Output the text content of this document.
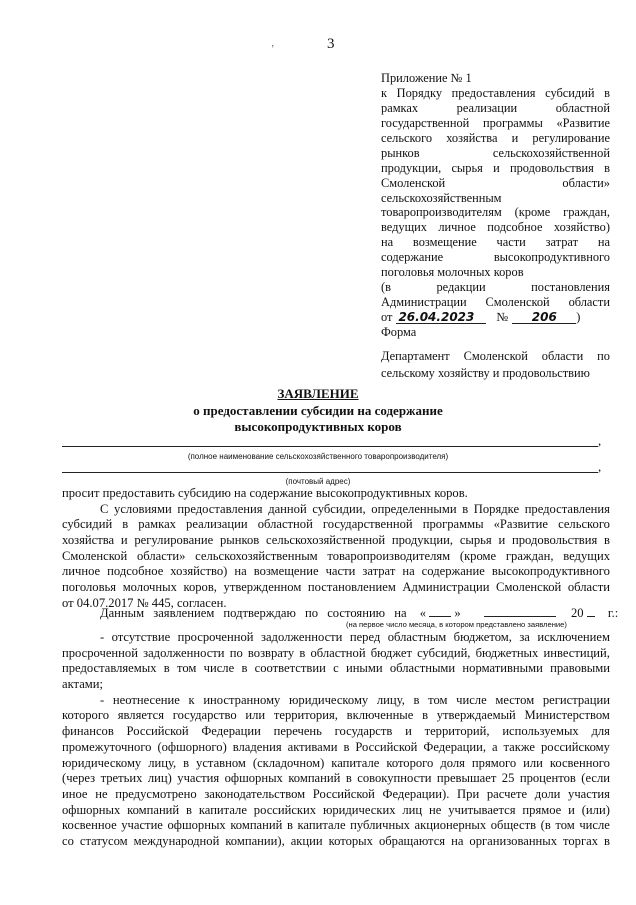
3
ʼ
Приложение № 1
к Порядку предоставления субсидий в
рамках	реализации	областной
государственной программы «Развитие
сельского хозяйства и регулирование
рынков	сельскохозяйственной
продукции, сырья и продовольствия в
Смоленской	области»
сельскохозяйственным
товаропроизводителям (кроме граждан,
ведущих личное подсобное хозяйство)
на возмещение части затрат на
содержание	высокопродуктивного
поголовья молочных коров
(в	редакции	постановления
Администрации Смоленской области
от 26.04.2023	№	206	)
Форма
Департамент Смоленской области по сельскому хозяйству и продовольствию
ЗАЯВЛЕНИЕ
о предоставлении субсидии на содержание
высокопродуктивных коров
,
(полное наименование сельскохозяйственного товаропроизводителя)
,
(почтовый адрес)
просит предоставить субсидию на содержание высокопродуктивных коров.
С условиями предоставления данной субсидии, определенными в Порядке предоставления
субсидий в рамках реализации областной государственной программы «Развитие сельского
хозяйства и регулирование рынков сельскохозяйственной продукции, сырья и продовольствия в
Смоленской области» сельскохозяйственным товаропроизводителям (кроме граждан, ведущих
личное подсобное хозяйство) на возмещение части затрат на содержание высокопродуктивного
поголовья молочных коров, утвержденном постановлением Администрации Смоленской области
от 04.07.2017 № 445, согласен.
Данным заявлением подтверждаю по состоянию на « »	20 г.:
(на первое число месяца, в котором представлено заявление)
- отсутствие просроченной задолженности перед областным бюджетом, за исключением
просроченной задолженности по возврату в областной бюджет субсидий, бюджетных инвестиций,
предоставляемых в том числе в соответствии с иными областными нормативными правовыми
актами;
- неотнесение к иностранному юридическому лицу, в том числе местом регистрации
которого является государство или территория, включенные в утверждаемый Министерством
финансов Российской Федерации перечень государств и территорий, используемых для
промежуточного (офшорного) владения активами в Российской Федерации, а также российскому
юридическому лицу, в уставном (складочном) капитале которого доля прямого или косвенного
(через третьих лиц) участия офшорных компаний в совокупности превышает 25 процентов (если
иное не предусмотрено законодательством Российской Федерации). При расчете доли участия
офшорных компаний в капитале российских юридических лиц не учитывается прямое и (или)
косвенное участие офшорных компаний в капитале публичных акционерных обществ (в том числе
со статусом международной компании), акции которых обращаются на организованных торгах в
